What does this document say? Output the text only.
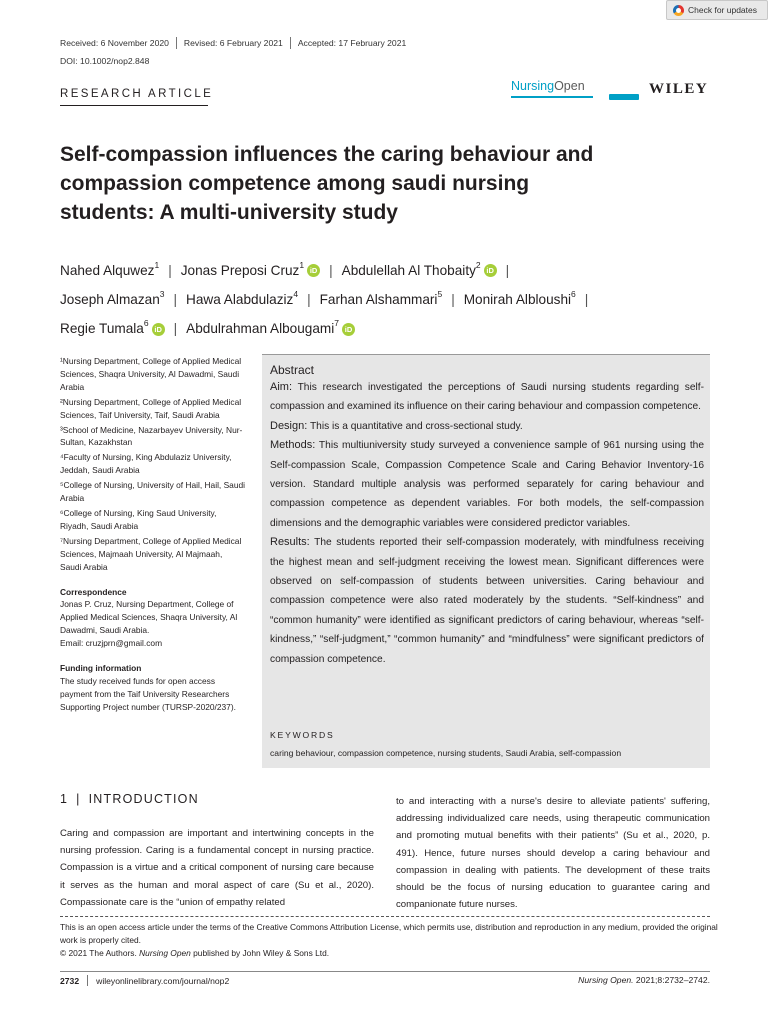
Check for updates
Received: 6 November 2020 Revised: 6 February 2021 Accepted: 17 February 2021
DOI: 10.1002/nop2.848
RESEARCH ARTICLE
NursingOpen	WILEY
Self-compassion influences the caring behaviour and compassion competence among saudi nursing students: A multi-university study
Nahed Alquwez$^1$ | Jonas Preposi Cruz$^1$iD | Abdulellah Al Thobaity$^2$iD |
Joseph Almazan$^3$ | Hawa Alabdulaziz$^4$ | Farhan Alshammari$^5$ | Monirah Albloushi$^6$ |
Regie Tumala$^6$iD | Abdulrahman Albougami$^7$iD
¹Nursing Department, College of Applied Medical Sciences, Shaqra University, Al Dawadmi, Saudi Arabia
²Nursing Department, College of Applied Medical Sciences, Taif University, Taif, Saudi Arabia
³School of Medicine, Nazarbayev University, Nur-Sultan, Kazakhstan
⁴Faculty of Nursing, King Abdulaziz University, Jeddah, Saudi Arabia
⁵College of Nursing, University of Hail, Hail, Saudi Arabia
⁶College of Nursing, King Saud University, Riyadh, Saudi Arabia
⁷Nursing Department, College of Applied Medical Sciences, Majmaah University, Al Majmaah, Saudi Arabia
Correspondence
Jonas P. Cruz, Nursing Department, College of Applied Medical Sciences, Shaqra University, Al Dawadmi, Saudi Arabia.
Email: cruzjprn@gmail.com
Funding information
The study received funds for open access payment from the Taif University Researchers Supporting Project number (TURSP-2020/237).
Abstract
Aim: This research investigated the perceptions of Saudi nursing students regarding self-compassion and examined its influence on their caring behaviour and compassion competence.
Design: This is a quantitative and cross-sectional study.
Methods: This multiuniversity study surveyed a convenience sample of 961 nursing using the Self-compassion Scale, Compassion Competence Scale and Caring Behavior Inventory-16 version. Standard multiple analysis was performed separately for caring behaviour and compassion competence as dependent variables. For both models, the self-compassion dimensions and the demographic variables were considered predictor variables.
Results: The students reported their self-compassion moderately, with mindfulness receiving the highest mean and self-judgment receiving the lowest mean. Significant differences were observed on self-compassion of students between universities. Caring behaviour and compassion competence were also rated moderately by the students. “Self-kindness” and “common humanity” were identified as significant predictors of caring behaviour, whereas “self-kindness,” “self-judgment,” “common humanity” and “mindfulness” were significant predictors of compassion competence.
KEYWORDS
caring behaviour, compassion competence, nursing students, Saudi Arabia, self-compassion
1 | INTRODUCTION
Caring and compassion are important and intertwining concepts in the nursing profession. Caring is a fundamental concept in nursing practice. Compassion is a virtue and a critical component of nursing care because it serves as the human and moral aspect of care (Su et al., 2020). Compassionate care is the “union of empathy related
to and interacting with a nurse's desire to alleviate patients' suffering, addressing individualized care needs, using therapeutic communication and promoting mutual benefits with their patients” (Su et al., 2020, p. 491). Hence, future nurses should develop a caring behaviour and compassion in dealing with patients. The development of these traits should be the focus of nursing education to guarantee caring and companionate future nurses.
This is an open access article under the terms of the Creative Commons Attribution License, which permits use, distribution and reproduction in any medium, provided the original work is properly cited.
© 2021 The Authors. Nursing Open published by John Wiley & Sons Ltd.
2732 wileyonlinelibrary.com/journal/nop2	Nursing Open. 2021;8:2732–2742.
